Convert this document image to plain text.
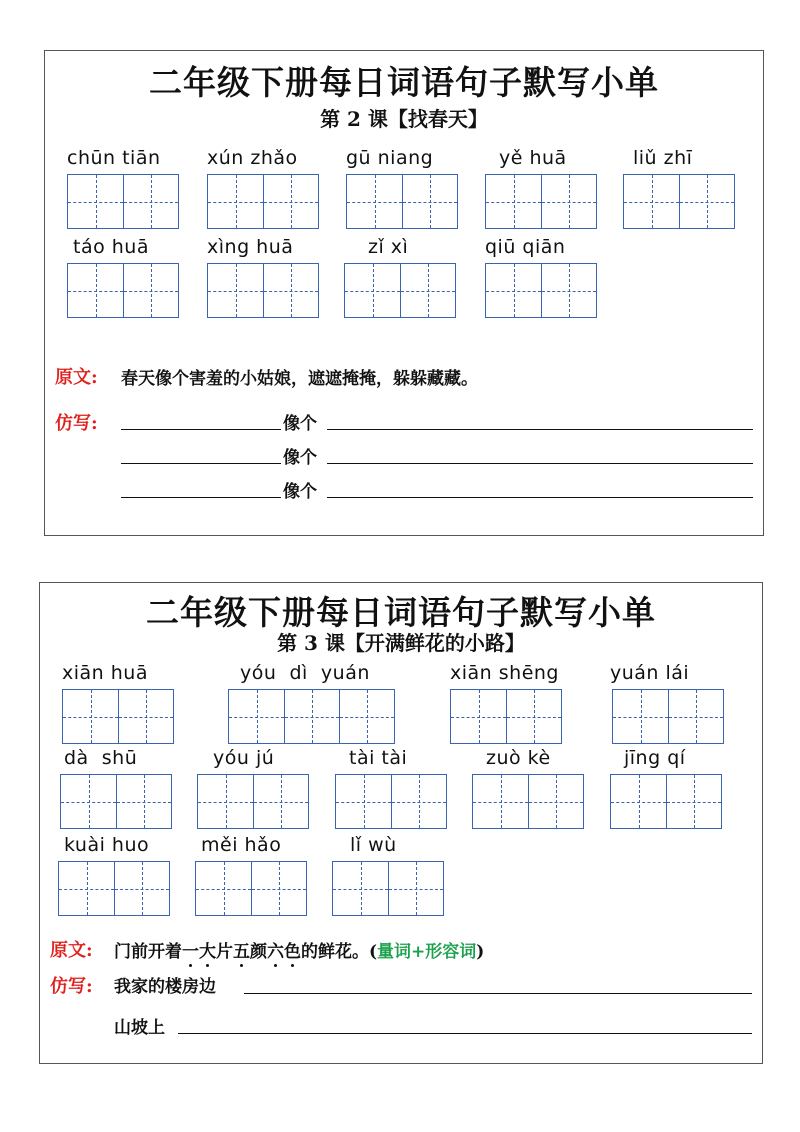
二年级下册每日词语句子默写小单
第 2 课【找春天】
chūn tiān xún zhǎo	gū niang	yě huā	liǔ zhī
táo huā	xìng huā	zǐ xì	qiū qiān
原文: 春天像个害羞的小姑娘，遮遮掩掩，躲躲藏藏。
仿写:	像个
像个
像个
二年级下册每日词语句子默写小单
第 3 课【开满鲜花的小路】
xiān huā	yóu  dì  yuán	xiān shēng	yuán lái
dà  shū	yóu jú	tài tài	zuò kè	jīng qí
kuài huo	měi hǎo	lǐ wù
原文: 门前开着一大片五颜六色的鲜花。(量词+形容词)
仿写: 我家的楼房边
山坡上
